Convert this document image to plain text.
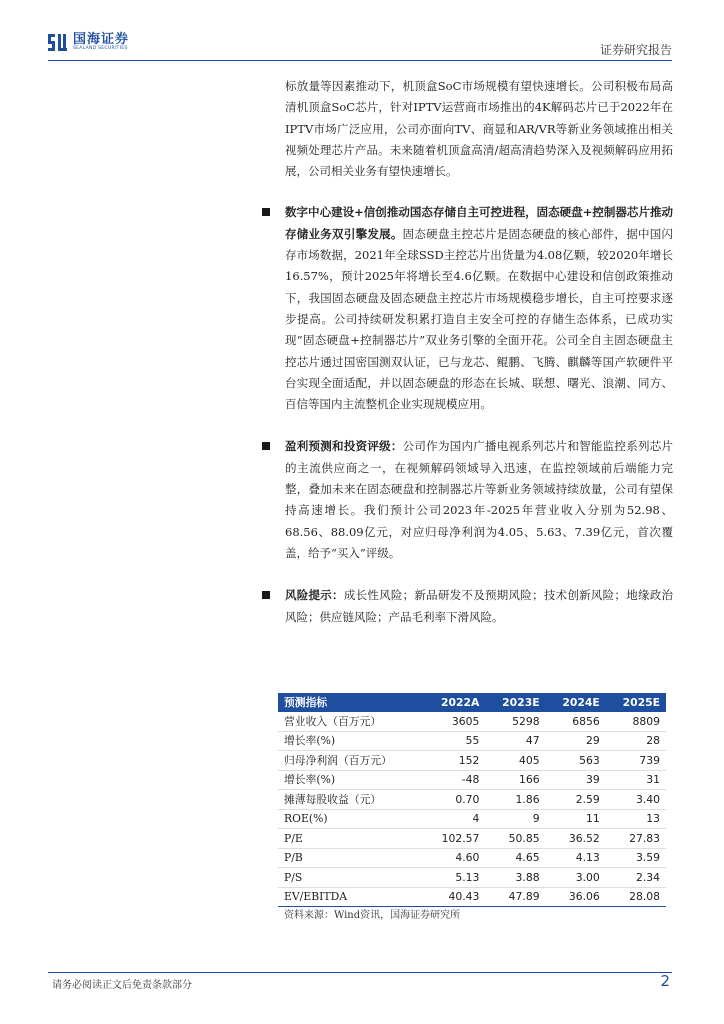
国海证券
SEALAND SECURITIES	证券研究报告

标放量等因素推动下，机顶盒SoC市场规模有望快速增长。公司积极布局高清机顶盒SoC芯片，针对IPTV运营商市场推出的4K解码芯片已于2022年在IPTV市场广泛应用，公司亦面向TV、商显和AR/VR等新业务领域推出相关视频处理芯片产品。未来随着机顶盒高清/超高清趋势深入及视频解码应用拓展，公司相关业务有望快速增长。

数字中心建设+信创推动国态存储自主可控进程，固态硬盘+控制器芯片推动存储业务双引擎发展。固态硬盘主控芯片是固态硬盘的核心部件，据中国闪存市场数据，2021年全球SSD主控芯片出货量为4.08亿颗，较2020年增长16.57%，预计2025年将增长至4.6亿颗。在数据中心建设和信创政策推动下，我国固态硬盘及固态硬盘主控芯片市场规模稳步增长，自主可控要求逐步提高。公司持续研发积累打造自主安全可控的存储生态体系，已成功实现“固态硬盘+控制器芯片”双业务引擎的全面开花。公司全自主固态硬盘主控芯片通过国密国测双认证，已与龙芯、鲲鹏、飞腾、麒麟等国产软硬件平台实现全面适配，并以固态硬盘的形态在长城、联想、曙光、浪潮、同方、百信等国内主流整机企业实现规模应用。

盈利预测和投资评级：公司作为国内广播电视系列芯片和智能监控系列芯片的主流供应商之一，在视频解码领域导入迅速，在监控领域前后端能力完整，叠加未来在固态硬盘和控制器芯片等新业务领域持续放量，公司有望保持高速增长。我们预计公司2023年-2025年营业收入分别为52.98、68.56、88.09亿元，对应归母净利润为4.05、5.63、7.39亿元，首次覆盖，给予“买入”评级。

风险提示：成长性风险；新品研发不及预期风险；技术创新风险；地缘政治风险；供应链风险；产品毛利率下滑风险。

预测指标	2022A	2023E	2024E	2025E
营业收入（百万元）	3605	5298	6856	8809
增长率(%)	55	47	29	28
归母净利润（百万元）	152	405	563	739
增长率(%)	-48	166	39	31
摊薄每股收益（元）	0.70	1.86	2.59	3.40
ROE(%)	4	9	11	13
P/E	102.57	50.85	36.52	27.83
P/B	4.60	4.65	4.13	3.59
P/S	5.13	3.88	3.00	2.34
EV/EBITDA	40.43	47.89	36.06	28.08
资料来源：Wind资讯，国海证券研究所
请务必阅读正文后免责条款部分	2
